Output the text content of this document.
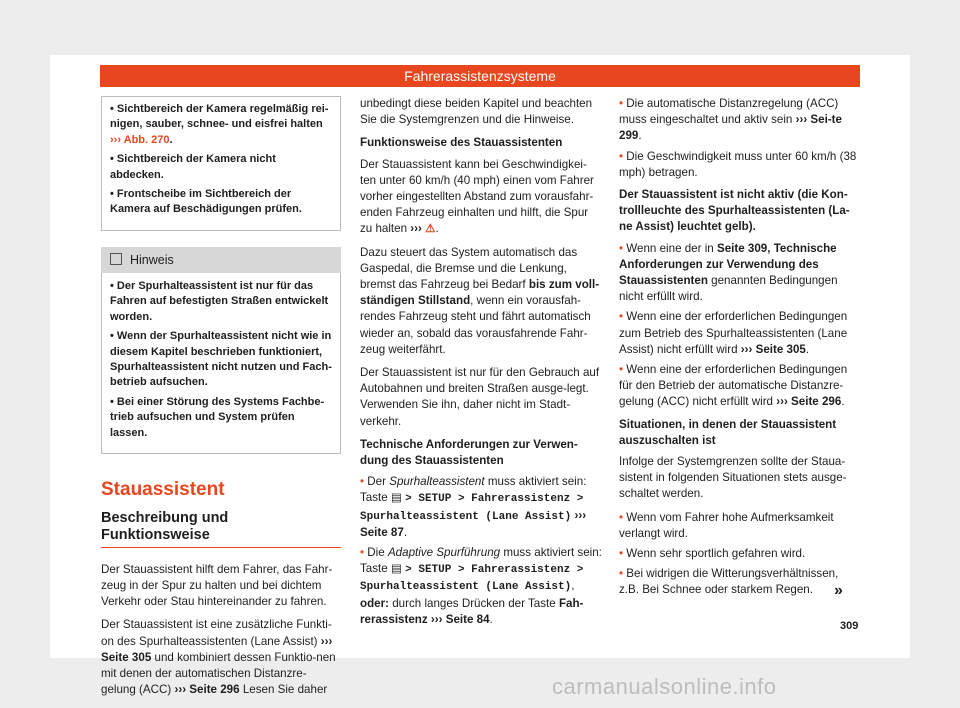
Fahrerassistenzsysteme

• Sichtbereich der Kamera regelmäßig rei-nigen, sauber, schnee- und eisfrei halten ››› Abb. 270.

• Sichtbereich der Kamera nicht abdecken.

• Frontscheibe im Sichtbereich der Kamera auf Beschädigungen prüfen.

Hinweis

• Der Spurhalteassistent ist nur für das Fahren auf befestigten Straßen entwickelt worden.

• Wenn der Spurhalteassistent nicht wie in diesem Kapitel beschrieben funktioniert, Spurhalteassistent nicht nutzen und Fach-betrieb aufsuchen.

• Bei einer Störung des Systems Fachbe-trieb aufsuchen und System prüfen lassen.

Stauassistent
Beschreibung und Funktionsweise

Der Stauassistent hilft dem Fahrer, das Fahr-zeug in der Spur zu halten und bei dichtem Verkehr oder Stau hintereinander zu fahren.

Der Stauassistent ist eine zusätzliche Funkti-on des Spurhalteassistenten (Lane Assist) ››› Seite 305 und kombiniert dessen Funktio-nen mit denen der automatischen Distanzre-gelung (ACC) ››› Seite 296 Lesen Sie daher

unbedingt diese beiden Kapitel und beachten Sie die Systemgrenzen und die Hinweise.

Funktionsweise des Stauassistenten

Der Stauassistent kann bei Geschwindigkei-ten unter 60 km/h (40 mph) einen vom Fahrer vorher eingestellten Abstand zum vorausfahr-enden Fahrzeug einhalten und hilft, die Spur zu halten ››› ⚠.

Dazu steuert das System automatisch das Gaspedal, die Bremse und die Lenkung, bremst das Fahrzeug bei Bedarf bis zum voll-ständigen Stillstand, wenn ein vorausfah-rendes Fahrzeug steht und fährt automatisch wieder an, sobald das vorausfahrende Fahr-zeug weiterfährt.

Der Stauassistent ist nur für den Gebrauch auf Autobahnen und breiten Straßen ausge-legt. Verwenden Sie ihn, daher nicht im Stadt-verkehr.

Technische Anforderungen zur Verwen-dung des Stauassistenten

• Der Spurhalteassistent muss aktiviert sein: Taste ▤ > SETUP > Fahrerassistenz > Spurhalteassistent (Lane Assist) ››› Seite 87.

• Die Adaptive Spurführung muss aktiviert sein: Taste ▤ > SETUP > Fahrerassistenz > Spurhalteassistent (Lane Assist), oder: durch langes Drücken der Taste Fah-rerassistenz ››› Seite 84.

• Die automatische Distanzregelung (ACC) muss eingeschaltet und aktiv sein ››› Sei-te 299.

• Die Geschwindigkeit muss unter 60 km/h (38 mph) betragen.

Der Stauassistent ist nicht aktiv (die Kon-trollleuchte des Spurhalteassistenten (La-ne Assist) leuchtet gelb).

• Wenn eine der in Seite 309, Technische Anforderungen zur Verwendung des Stauassistenten genannten Bedingungen nicht erfüllt wird.

• Wenn eine der erforderlichen Bedingungen zum Betrieb des Spurhalteassistenten (Lane Assist) nicht erfüllt wird ››› Seite 305.

• Wenn eine der erforderlichen Bedingungen für den Betrieb der automatische Distanzre-gelung (ACC) nicht erfüllt wird ››› Seite 296.

Situationen, in denen der Stauassistent auszuschalten ist

Infolge der Systemgrenzen sollte der Staua-sistent in folgenden Situationen stets ausge-schaltet werden.

• Wenn vom Fahrer hohe Aufmerksamkeit verlangt wird.

• Wenn sehr sportlich gefahren wird.

• Bei widrigen die Witterungsverhältnissen, z.B. Bei Schnee oder starkem Regen.	»
309
carmanualsonline.info
